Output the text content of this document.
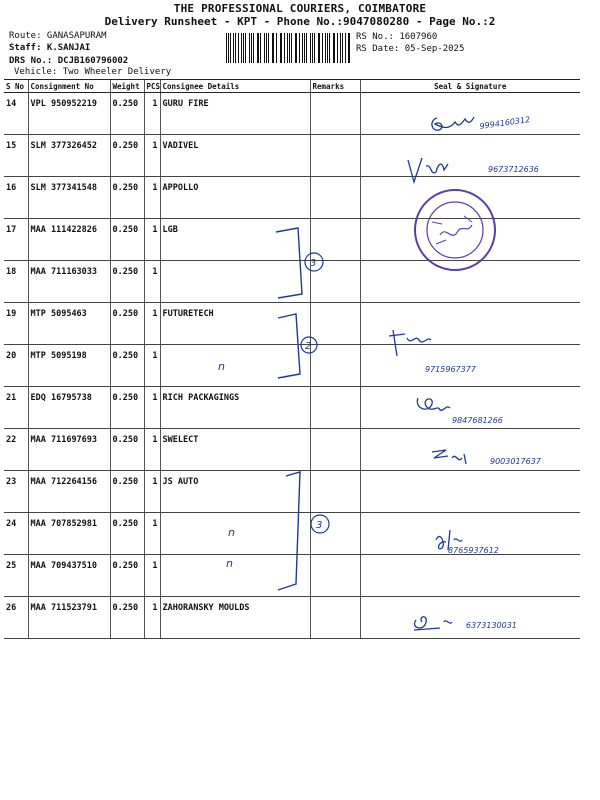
THE PROFESSIONAL COURIERS, COIMBATORE
Delivery Runsheet - KPT - Phone No.:9047080280 - Page No.:2
Route: GANASAPURAM
Staff: K.SANJAI
DRS No.: DCJB160796002
Vehicle: Two Wheeler Delivery
RS No.: 1607960
RS Date: 05-Sep-2025
S No	Consignment No	Weight	PCS	Consignee Details	Remarks	Seal & Signature
14	VPL 950952219	0.250	1	GURU FIRE		
15	SLM 377326452	0.250	1	VADIVEL		
16	SLM 377341548	0.250	1	APPOLLO		
17	MAA 111422826	0.250	1	LGB		
18	MAA 711163033	0.250	1			
19	MTP 5095463	0.250	1	FUTURETECH		
20	MTP 5095198	0.250	1			
21	EDQ 16795738	0.250	1	RICH PACKAGINGS		
22	MAA 711697693	0.250	1	SWELECT		
23	MAA 712264156	0.250	1	JS AUTO		
24	MAA 707852981	0.250	1			
25	MAA 709437510	0.250	1			
26	MAA 711523791	0.250	1	ZAHORANSKY MOULDS		
9994160312
9673712636
3
2
n	9715967377
9847681266
9003017637
3
n
n
8765937612
6373130031
